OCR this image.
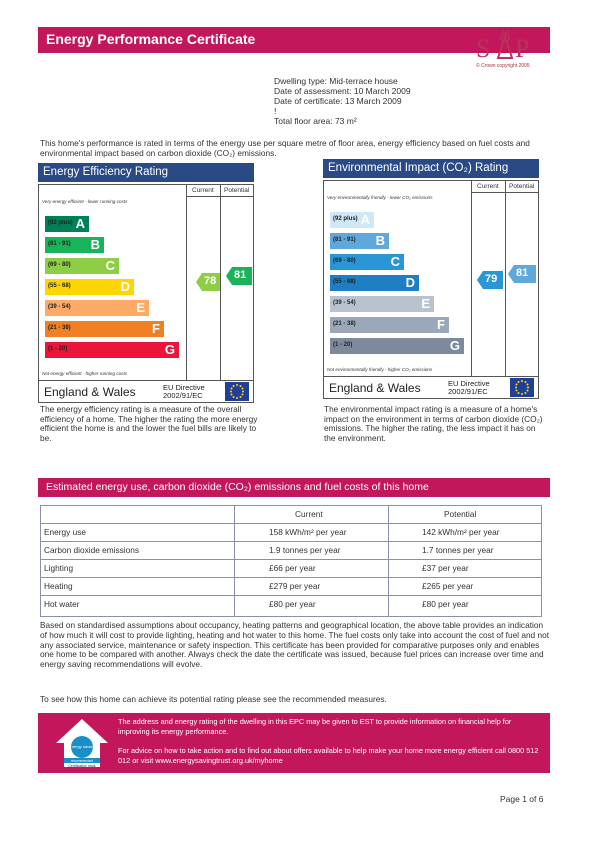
Energy Performance Certificate	S P
© Crown copyright 2005
Dwelling type: Mid-terrace house
Date of assessment: 10 March 2009
Date of certificate: 13 March 2009
!
Total floor area: 73 m²
This home's performance is rated in terms of the energy use per square metre of floor area, energy efficiency based on fuel costs and environmental impact based on carbon dioxide (CO₂) emissions.
Energy Efficiency Rating
Current Potential
Very energy efficient - lower running costs
(92 plus) A
(81 - 91) B
(69 - 80)	C
(55 - 68)	D
(39 - 54)	E
(21 - 38)	F
(1 - 20)	G
Not energy efficient - higher running costs
78 81
England & Wales	EU Directive 2002/91/EC
The energy efficiency rating is a measure of the overall efficiency of a home. The higher the rating the more energy efficient the home is and the lower the fuel bills are likely to be.
Environmental Impact (CO₂) Rating
Current Potential
Very environmentally friendly - lower CO₂ emissions
(92 plus) A
(81 - 91) B
(69 - 80)	C
(55 - 68)	D
(39 - 54)	E
(21 - 38)	F
(1 - 20)	G
Not environmentally friendly - higher CO₂ emissions
79 81
England & Wales	EU Directive 2002/91/EC
The environmental impact rating is a measure of a home's impact on the environment in terms of carbon dioxide (CO₂) emissions. The higher the rating, the less impact it has on the environment.
Estimated energy use, carbon dioxide (CO₂) emissions and fuel costs of this home
Current	Potential
Energy use	158 kWh/m² per year	142 kWh/m² per year
Carbon dioxide emissions	1.9 tonnes per year	1.7 tonnes per year
Lighting	£66 per year	£37 per year
Heating	£279 per year	£265 per year
Hot water	£80 per year	£80 per year
Based on standardised assumptions about occupancy, heating patterns and geographical location, the above table provides an indication of how much it will cost to provide lighting, heating and hot water to this home. The fuel costs only take into account the cost of fuel and not any associated service, maintenance or safety inspection. This certificate has been provided for comparative purposes only and enables one home to be compared with another. Always check the date the certificate was issued, because fuel prices can increase over time and energy saving recommendations will evolve.
To see how this home can achieve its potential rating please see the recommended measures.
energy saving
recommended
Certification mark
The address and energy rating of the dwelling in this EPC may be given to EST to provide information on financial help for improving its energy performance.
For advice on how to take action and to find out about offers available to help make your home more energy efficient call 0800 512 012 or visit www.energysavingtrust.org.uk/myhome
Page 1 of 6
